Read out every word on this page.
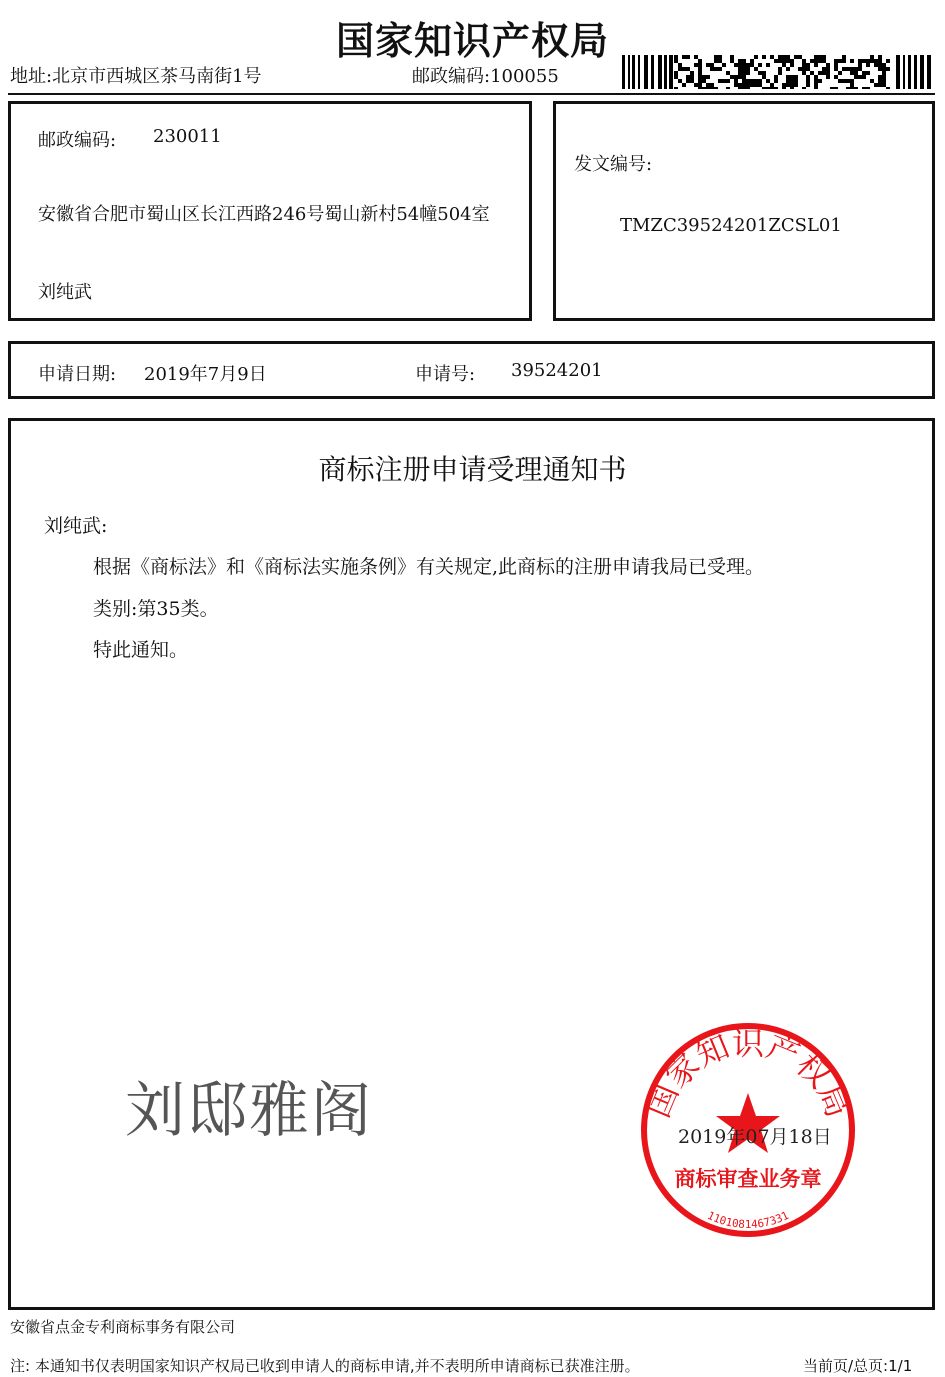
国家知识产权局
地址:北京市西城区茶马南街1号	邮政编码:100055
邮政编码: 230011
安徽省合肥市蜀山区长江西路246号蜀山新村54幢504室
刘纯武
发文编号:
TMZC39524201ZCSL01
申请日期: 2019年7月9日	申请号: 39524201
商标注册申请受理通知书
刘纯武:
根据《商标法》和《商标法实施条例》有关规定,此商标的注册申请我局已受理。
类别:第35类。
特此通知。
刘邸雅阁	国家知识产权局
商标审查业务章
1101081467331
2019年07月18日
安徽省点金专利商标事务有限公司
注: 本通知书仅表明国家知识产权局已收到申请人的商标申请,并不表明所申请商标已获准注册。	当前页/总页:1/1
